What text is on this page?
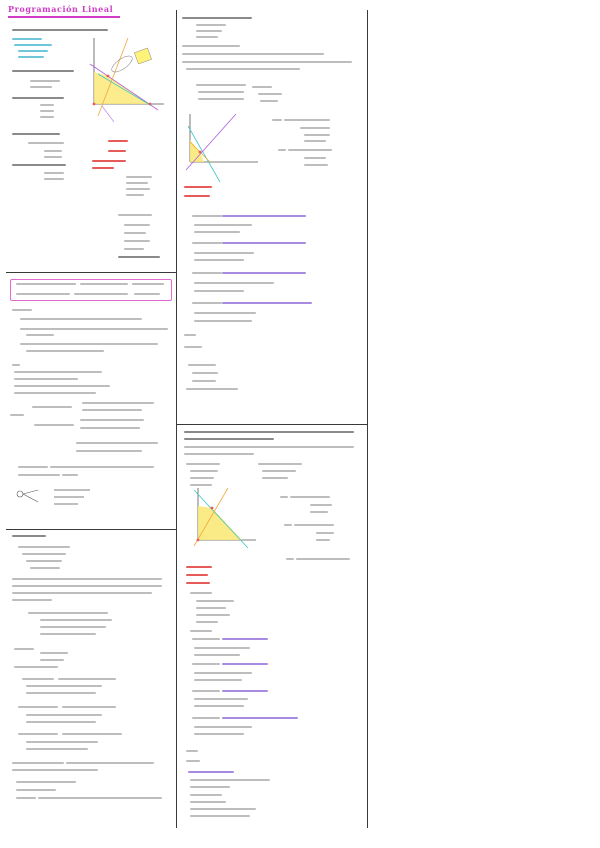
Programación Lineal
